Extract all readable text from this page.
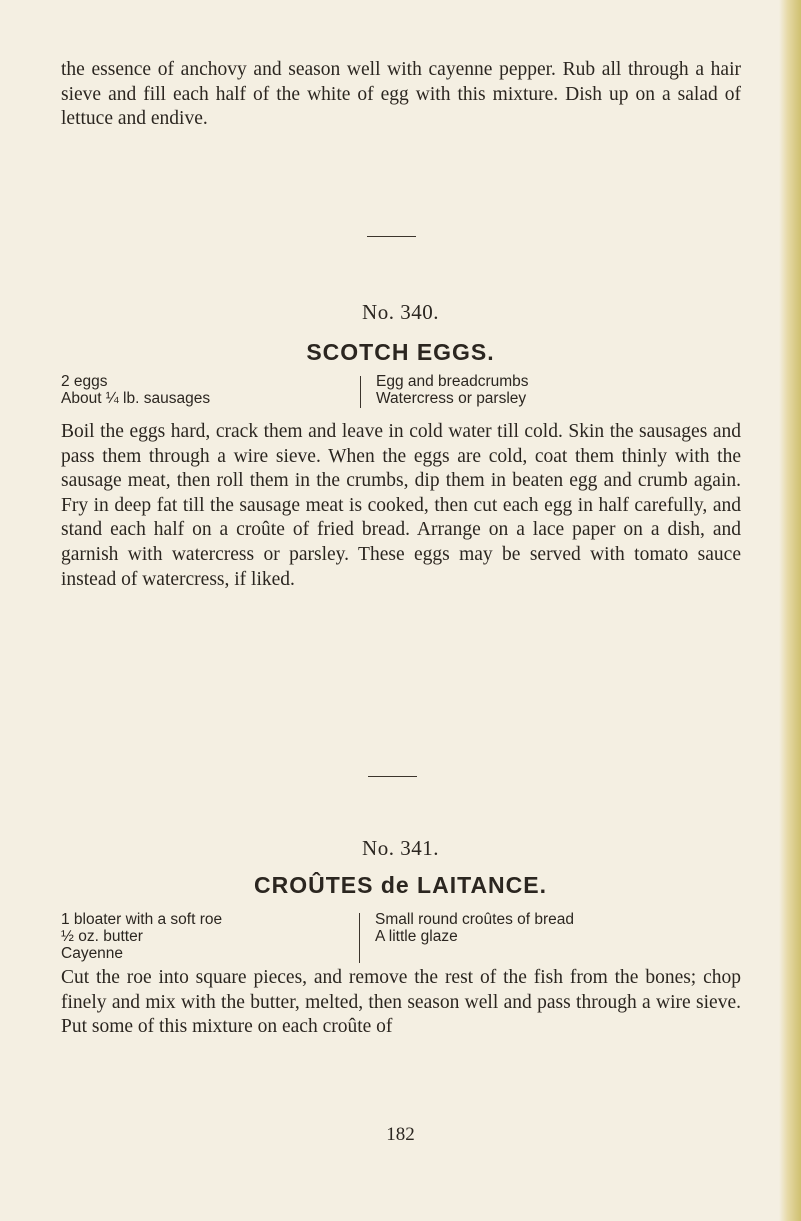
the essence of anchovy and season well with cayenne pepper. Rub all through a hair sieve and fill each half of the white of egg with this mixture. Dish up on a salad of lettuce and endive.

No. 340.
SCOTCH EGGS.
2 eggs
About ¼ lb. sausages
Egg and breadcrumbs
Watercress or parsley

Boil the eggs hard, crack them and leave in cold water till cold. Skin the sausages and pass them through a wire sieve. When the eggs are cold, coat them thinly with the sausage meat, then roll them in the crumbs, dip them in beaten egg and crumb again. Fry in deep fat till the sausage meat is cooked, then cut each egg in half carefully, and stand each half on a croûte of fried bread. Arrange on a lace paper on a dish, and garnish with watercress or parsley. These eggs may be served with tomato sauce instead of watercress, if liked.

No. 341.
CROÛTES de LAITANCE.
1 bloater with a soft roe
½ oz. butter
Cayenne
Small round croûtes of bread
A little glaze

Cut the roe into square pieces, and remove the rest of the fish from the bones; chop finely and mix with the butter, melted, then season well and pass through a wire sieve. Put some of this mixture on each croûte of

182
